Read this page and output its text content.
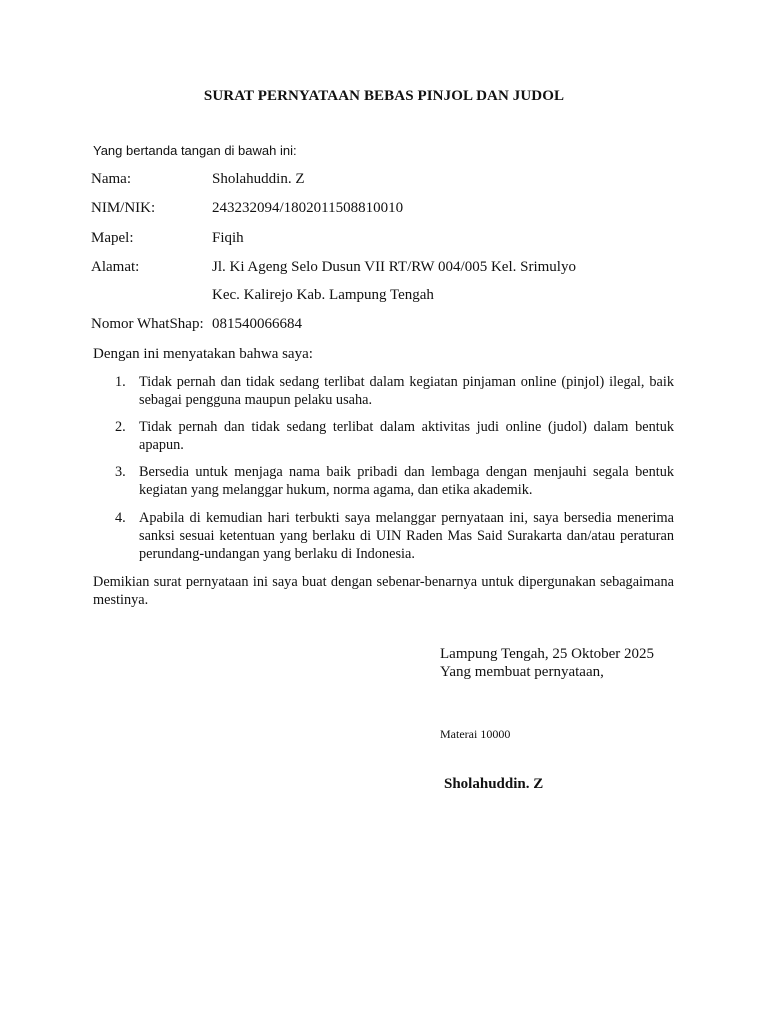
SURAT PERNYATAAN BEBAS PINJOL DAN JUDOL
Yang bertanda tangan di bawah ini:
Nama:	Sholahuddin. Z
NIM/NIK:	243232094/1802011508810010
Mapel:	Fiqih
Alamat:	Jl. Ki Ageng Selo Dusun VII RT/RW 004/005 Kel. Srimulyo
Kec. Kalirejo Kab. Lampung Tengah
Nomor WhatShap: 081540066684
Dengan ini menyatakan bahwa saya:
1. Tidak pernah dan tidak sedang terlibat dalam kegiatan pinjaman online (pinjol) ilegal, baik sebagai pengguna maupun pelaku usaha.
2. Tidak pernah dan tidak sedang terlibat dalam aktivitas judi online (judol) dalam bentuk apapun.
3. Bersedia untuk menjaga nama baik pribadi dan lembaga dengan menjauhi segala bentuk kegiatan yang melanggar hukum, norma agama, dan etika akademik.
4. Apabila di kemudian hari terbukti saya melanggar pernyataan ini, saya bersedia menerima sanksi sesuai ketentuan yang berlaku di UIN Raden Mas Said Surakarta dan/atau peraturan perundang-undangan yang berlaku di Indonesia.
Demikian surat pernyataan ini saya buat dengan sebenar-benarnya untuk dipergunakan sebagaimana mestinya.
Lampung Tengah, 25 Oktober 2025
Yang membuat pernyataan,
Materai 10000
Sholahuddin. Z
